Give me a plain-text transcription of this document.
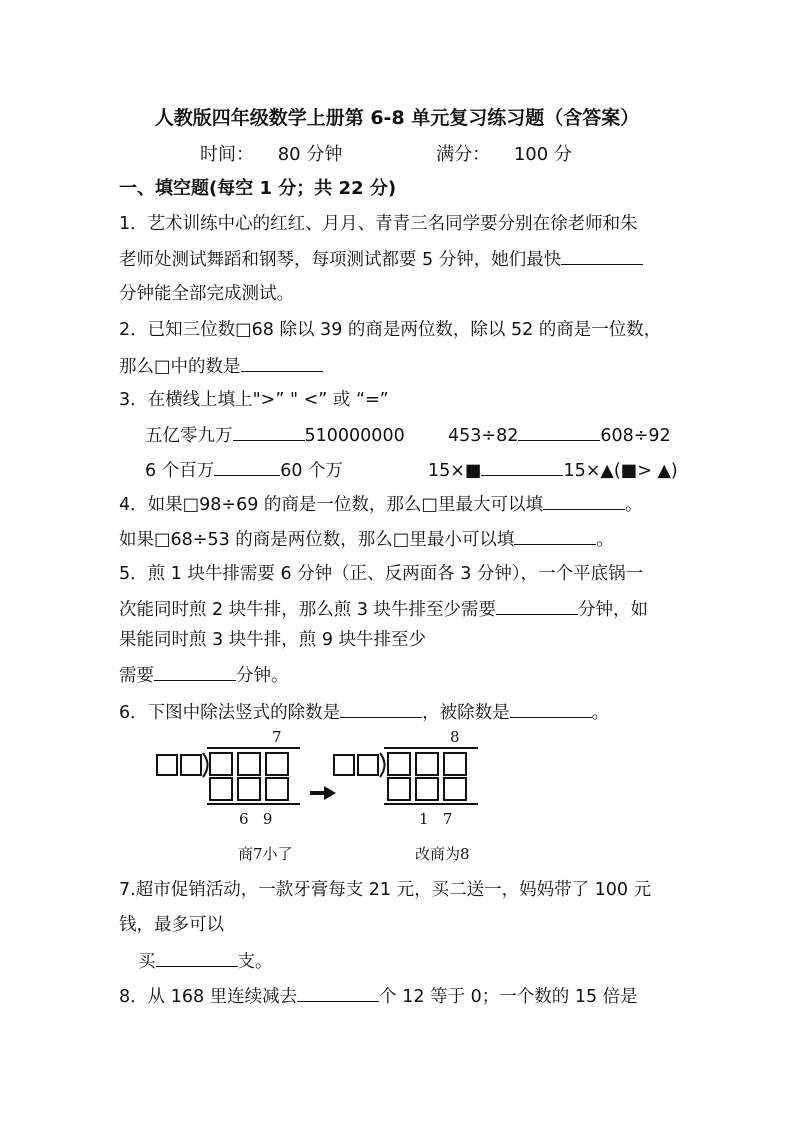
人教版四年级数学上册第 6-8 单元复习练习题（含答案）
时间： 80 分钟	满分： 100 分
一、填空题(每空 1 分；共 22 分)
1．艺术训练中心的红红、月月、青青三名同学要分别在徐老师和朱
老师处测试舞蹈和钢琴，每项测试都要 5 分钟，她们最快
分钟能全部完成测试。
2．已知三位数□68 除以 39 的商是两位数，除以 52 的商是一位数，
那么□中的数是
3．在横线上填上">” " <” 或 “=”
五亿零九万	510000000 453÷82	608÷92
6 个百万	60 个万	15×■	15×▲(■> ▲)
4．如果□98÷69 的商是一位数，那么□里最大可以填	。
如果□68÷53 的商是两位数，那么□里最小可以填	。
5．煎 1 块牛排需要 6 分钟（正、反两面各 3 分钟），一个平底锅一
次能同时煎 2 块牛排，那么煎 3 块牛排至少需要	分钟，如
果能同时煎 3 块牛排，煎 9 块牛排至少
需要	分钟。
6．下图中除法竖式的除数是	，被除数是	。
7
6   9
商7小了
8
1   7
改商为8
7.超市促销活动，一款牙膏每支 21 元，买二送一，妈妈带了 100 元
钱，最多可以
买	支。
8．从 168 里连续减去	个 12 等于 0；一个数的 15 倍是
